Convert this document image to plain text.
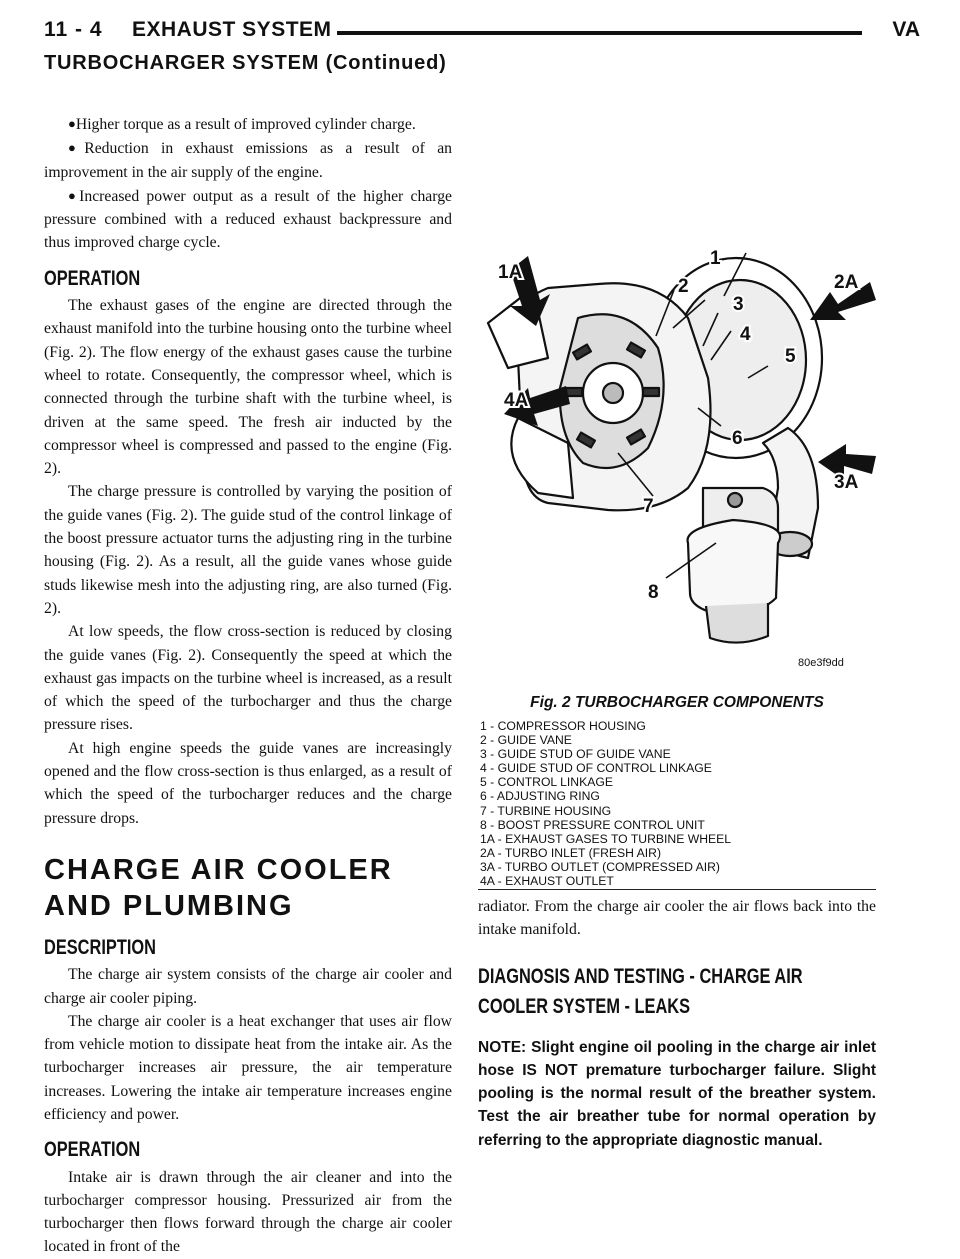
11 - 4 EXHAUST SYSTEM	VA
TURBOCHARGER SYSTEM (Continued)

●Higher torque as a result of improved cylinder charge.

●Reduction in exhaust emissions as a result of an improvement in the air supply of the engine.

●Increased power output as a result of the higher charge pressure combined with a reduced exhaust backpressure and thus improved charge cycle.

OPERATION

The exhaust gases of the engine are directed through the exhaust manifold into the turbine housing onto the turbine wheel (Fig. 2). The flow energy of the exhaust gases cause the turbine wheel to rotate. Consequently, the compressor wheel, which is connected through the turbine shaft with the turbine wheel, is driven at the same speed. The fresh air inducted by the compressor wheel is compressed and passed to the engine (Fig. 2).

The charge pressure is controlled by varying the position of the guide vanes (Fig. 2). The guide stud of the control linkage of the boost pressure actuator turns the adjusting ring in the turbine housing (Fig. 2). As a result, all the guide vanes whose guide studs likewise mesh into the adjusting ring, are also turned (Fig. 2).

At low speeds, the flow cross-section is reduced by closing the guide vanes (Fig. 2). Consequently the speed at which the exhaust gas impacts on the turbine wheel is increased, as a result of which the speed of the turbocharger and thus the charge pressure rises.

At high engine speeds the guide vanes are increasingly opened and the flow cross-section is thus enlarged, as a result of which the speed of the turbocharger reduces and the charge pressure drops.

CHARGE AIR COOLER AND PLUMBING
DESCRIPTION

The charge air system consists of the charge air cooler and charge air cooler piping.

The charge air cooler is a heat exchanger that uses air flow from vehicle motion to dissipate heat from the intake air. As the turbocharger increases air pressure, the air temperature increases. Lowering the intake air temperature increases engine efficiency and power.

OPERATION

Intake air is drawn through the air cleaner and into the turbocharger compressor housing. Pressurized air from the turbocharger then flows forward through the charge air cooler located in front of the

1A
1
2
3
4
5
2A
4A
6
3A
7
8
80e3f9dd
Fig. 2 TURBOCHARGER COMPONENTS
1 - COMPRESSOR HOUSING
2 - GUIDE VANE
3 - GUIDE STUD OF GUIDE VANE
4 - GUIDE STUD OF CONTROL LINKAGE
5 - CONTROL LINKAGE
6 - ADJUSTING RING
7 - TURBINE HOUSING
8 - BOOST PRESSURE CONTROL UNIT
1A - EXHAUST GASES TO TURBINE WHEEL
2A - TURBO INLET (FRESH AIR)
3A - TURBO OUTLET (COMPRESSED AIR)
4A - EXHAUST OUTLET

radiator. From the charge air cooler the air flows back into the intake manifold.

DIAGNOSIS AND TESTING - CHARGE AIR
COOLER SYSTEM - LEAKS

NOTE: Slight engine oil pooling in the charge air inlet hose IS NOT premature turbocharger failure. Slight pooling is the normal result of the breather system. Test the air breather tube for normal operation by referring to the appropriate diagnostic manual.
